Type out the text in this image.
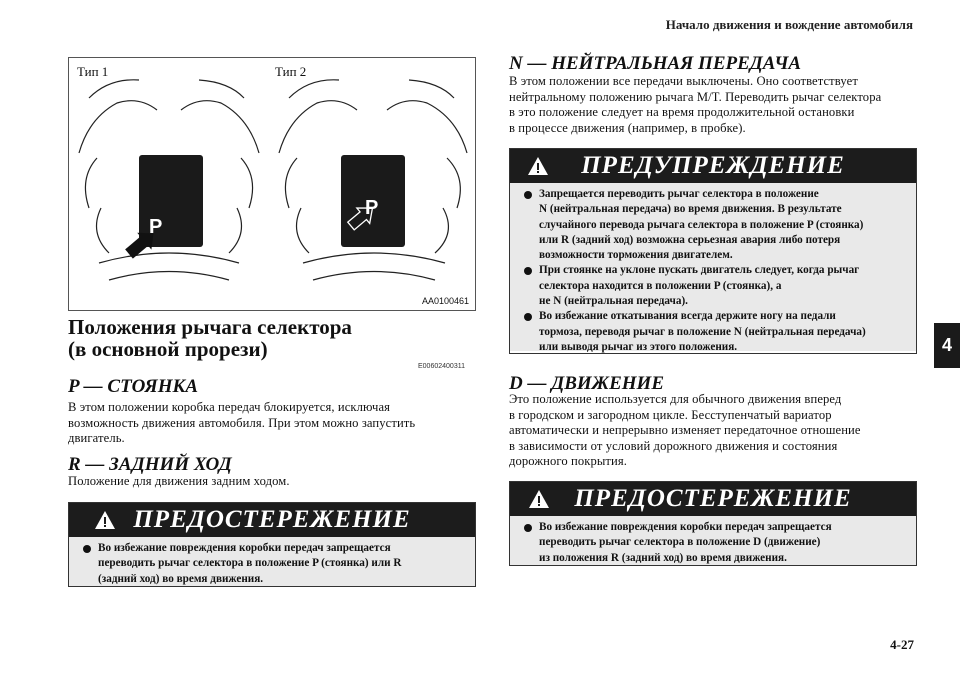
Начало движения и вождение автомобиля
4
4-27
Тип 1	Тип 2
P
P
AA0100461
Положения рычага селектора
(в основной прорези)
E00602400311
P — СТОЯНКА
В этом положении коробка передач блокируется, исключая
возможность движения автомобиля. При этом можно запустить
двигатель.
R — ЗАДНИЙ ХОД
Положение для движения задним ходом.
ПРЕДОСТЕРЕЖЕНИЕ
Во избежание повреждения коробки передач запрещается
переводить рычаг селектора в положение P (стоянка) или R
(задний ход) во время движения.
N — НЕЙТРАЛЬНАЯ ПЕРЕДАЧА
В этом положении все передачи выключены. Оно соответствует
нейтральному положению рычага M/T. Переводить рычаг селектора
в это положение следует на время продолжительной остановки
в процессе движения (например, в пробке).
ПРЕДУПРЕЖДЕНИЕ
Запрещается переводить рычаг селектора в положение
N (нейтральная передача) во время движения. В результате
случайного перевода рычага селектора в положение P (стоянка)
или R (задний ход) возможна серьезная авария либо потеря
возможности торможения двигателем.
При стоянке на уклоне пускать двигатель следует, когда рычаг
селектора находится в положении P (стоянка), а
не N (нейтральная передача).
Во избежание откатывания всегда держите ногу на педали
тормоза, переводя рычаг в положение N (нейтральная передача)
или выводя рычаг из этого положения.
D — ДВИЖЕНИЕ
Это положение используется для обычного движения вперед
в городском и загородном цикле. Бесступенчатый вариатор
автоматически и непрерывно изменяет передаточное отношение
в зависимости от условий дорожного движения и состояния
дорожного покрытия.
ПРЕДОСТЕРЕЖЕНИЕ
Во избежание повреждения коробки передач запрещается
переводить рычаг селектора в положение D (движение)
из положения R (задний ход) во время движения.
